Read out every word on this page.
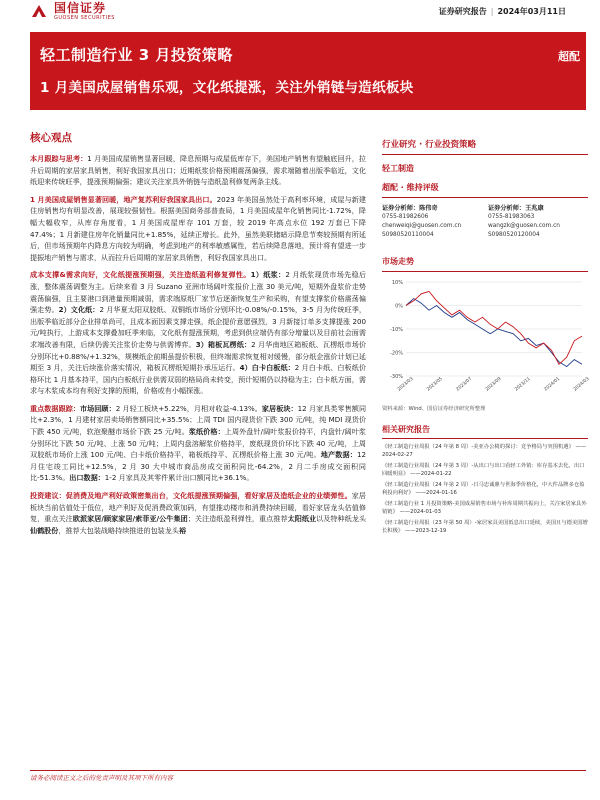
国信证券
GUOSEN SECURITIES
证券研究报告 | 2024年03月11日
轻工制造行业 3 月投资策略
1 月美国成屋销售乐观，文化纸提涨，关注外销链与造纸板块
超配
核心观点

本月跟踪与思考：1 月美国成屋销售显著回暖，降息预期与成屋低库存下，美国地产销售有望触底回升，拉升后周期的家居家具销售，利好我国家具出口；近期纸浆价格预期震荡偏强，需求端随着出版季临近，文化纸迎来传统旺季，提涨预期偏强；建议关注家具外销链与造纸盈利修复两条主线。

1 月美国成屋销售显著回暖，地产复苏利好我国家具出口。2023 年美国虽然处于高利率环境，成屋与新建住房销售均有明显改善，展现较强韧性。根据美国商务部普查局，1 月美国成屋年化销售同比-1.72%，降幅大幅收窄，从库存角度看，1 月美国成屋库存 101 万套，较 2019 年高点水位 192 万套已下降 47.4%；1 月新建住房年化销量同比+1.85%，延续正增长。此外，虽然美联储暗示降息节奏较预期有所延后，但市场预期年内降息方向较为明确，考虑到地产的利率敏感属性，若后续降息落地，预计将有望进一步提振地产销售与需求，从而拉升后周期的家居家具销售，利好我国家具出口。

成本支撑&需求向好，文化纸提涨预期强，关注造纸盈利修复弹性。1）纸浆：2 月纸浆现货市场先稳后涨，整体震荡调整为主。后续来看 3 月 Suzano 亚洲市场阔叶浆报价上涨 30 美元/吨，短期外盘浆价走势震荡偏强，且主要港口到港量预期减弱，需求端原纸厂家节后逐渐恢复生产和采购，有望支撑浆价格震荡偏强走势。2）文化纸：2 月华夏太阳双胶纸、双铜纸市场价分别环比-0.08%/-0.15%，3-5 月为传统旺季，出版季临近部分企业排单尚可，且成本面因素支撑走强，纸企提价意愿强烈，3 月新接订单多支撑提涨 200 元/吨执行，上游成本支撑叠加旺季来临，文化纸有提涨预期，考虑到供应端仍有部分增量以及目前社会面需求端改善有限，后续仍需关注浆价走势与供需博弈。3）箱板瓦楞纸：2 月华南地区箱板纸、瓦楞纸市场价分别环比+0.88%/+1.32%，规模纸企前期虽提价积极，但终端需求恢复相对缓慢，部分纸企涨价计划已延期至 3 月，关注后续涨价落实情况，箱板瓦楞纸短期扑承压运行。4）白卡白板纸：2 月白卡纸、白板纸价格环比 1 月基本持平，国内白板纸行业供需双弱的格局尚未转变，预计短期仍以持稳为主；白卡纸方面，需求与木浆成本均有利好支撑的预期，价格或有小幅探涨。

重点数据跟踪：市场回顾：2 月轻工板块+5.22%，月相对收益-4.13%。家居板块：12 月家具类零售额同比+2.3%，1 月建材家居卖场销售额同比+35.5%；上周 TDI 国内现货价下跌 300 元/吨，纯 MDI 现货价下跌 450 元/吨，软泡聚醚市场价下跌 25 元/吨。浆纸价格：上周外盘针/阔叶浆报价持平，内盘针/阔叶浆分别环比下跌 50 元/吨、上涨 50 元/吨；上周内盘溶解浆价格持平，废纸现货价环比下跌 40 元/吨，上周双胶纸市场价上涨 100 元/吨、白卡纸价格持平，箱板纸持平、瓦楞纸价格上涨 30 元/吨。地产数据：12 月住宅竣工同比+12.5%，2 月 30 大中城市商品房成交面积同比-64.2%，2 月二手房成交面积同比-51.3%。出口数据：1-2 月家具及其零件累计出口额同比+36.1%。

投资建议：促消费及地产利好政策密集出台，文化纸提涨预期偏强，看好家居及造纸企业的业绩弹性。家居板块当前估值处于低位，地产利好及促消费政策加码，有望推动楼市和消费持续回暖，看好家居龙头估值修复，重点关注欧派家居/顾家家居/索菲亚/公牛集团；关注造纸盈利弹性，重点推荐太阳纸业以及特种纸龙头仙鹤股份，推荐大包装战略持续推进的包装龙头裕

行业研究 · 行业投资策略
轻工制造
超配 · 维持评级
证券分析师：陈伟奇
0755-81982606
chenweiqi@guosen.com.cn
S0980520110004
证券分析师：王兆康
0755-81983063
wangzk@guosen.com.cn
S0980520120004
市场走势
10%
0%
-10%
-20%
-30%
2023/03	2023/05	2023/07	2023/09	2023/11	2024/01	2024/03
资料来源：Wind、国信证券经济研究所整理
相关研究报告
《轻工制造行业周报（24 年第 8 周）-美亚办公椅的探讨：竞争格局与突围机遇》 ——2024-02-27
《轻工制造行业周报（24 年第 3 周）-从出口与出口看轻工外销：库存基本去化，出口回暖明显》 ——2024-01-22
《轻工制造行业周报（24 年第 2 周）-日马忠诚鼎与世海季价格化，中大件品牌多仓盈利投向利好》 ——2024-01-16
《轻工制造行业 1 月投资策略-美国成屋销售市场与补库周期共振向上，关注家居家具外销链》 ——2024-01-03
《轻工制造行业周报（23 年第 50 周）-家居家具美国低息出口延续，美国且与德美国增长积极》 ——2023-12-19
请务必阅读正文之后的免责声明及其项下所有内容
